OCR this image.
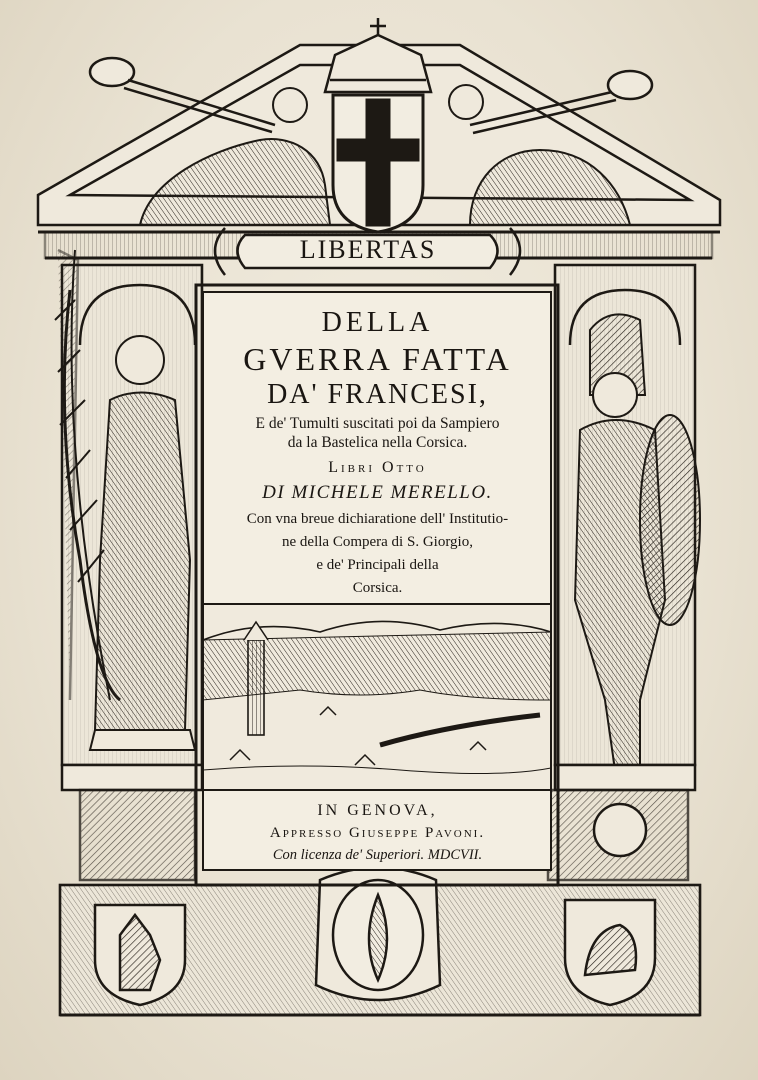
LIBERTAS
DELLA
GVERRA FATTA
DA' FRANCESI,
E de' Tumulti suscitati poi da Sampiero
da la Bastelica nella Corsica.
Libri Otto
DI MICHELE MERELLO.
Con vna breue dichiaratione dell' Institutio-
ne della Compera di S. Giorgio,
e de' Principali della
Corsica.
IN GENOVA,
Appresso Giuseppe Pavoni.
Con licenza de' Superiori. MDCVII.
